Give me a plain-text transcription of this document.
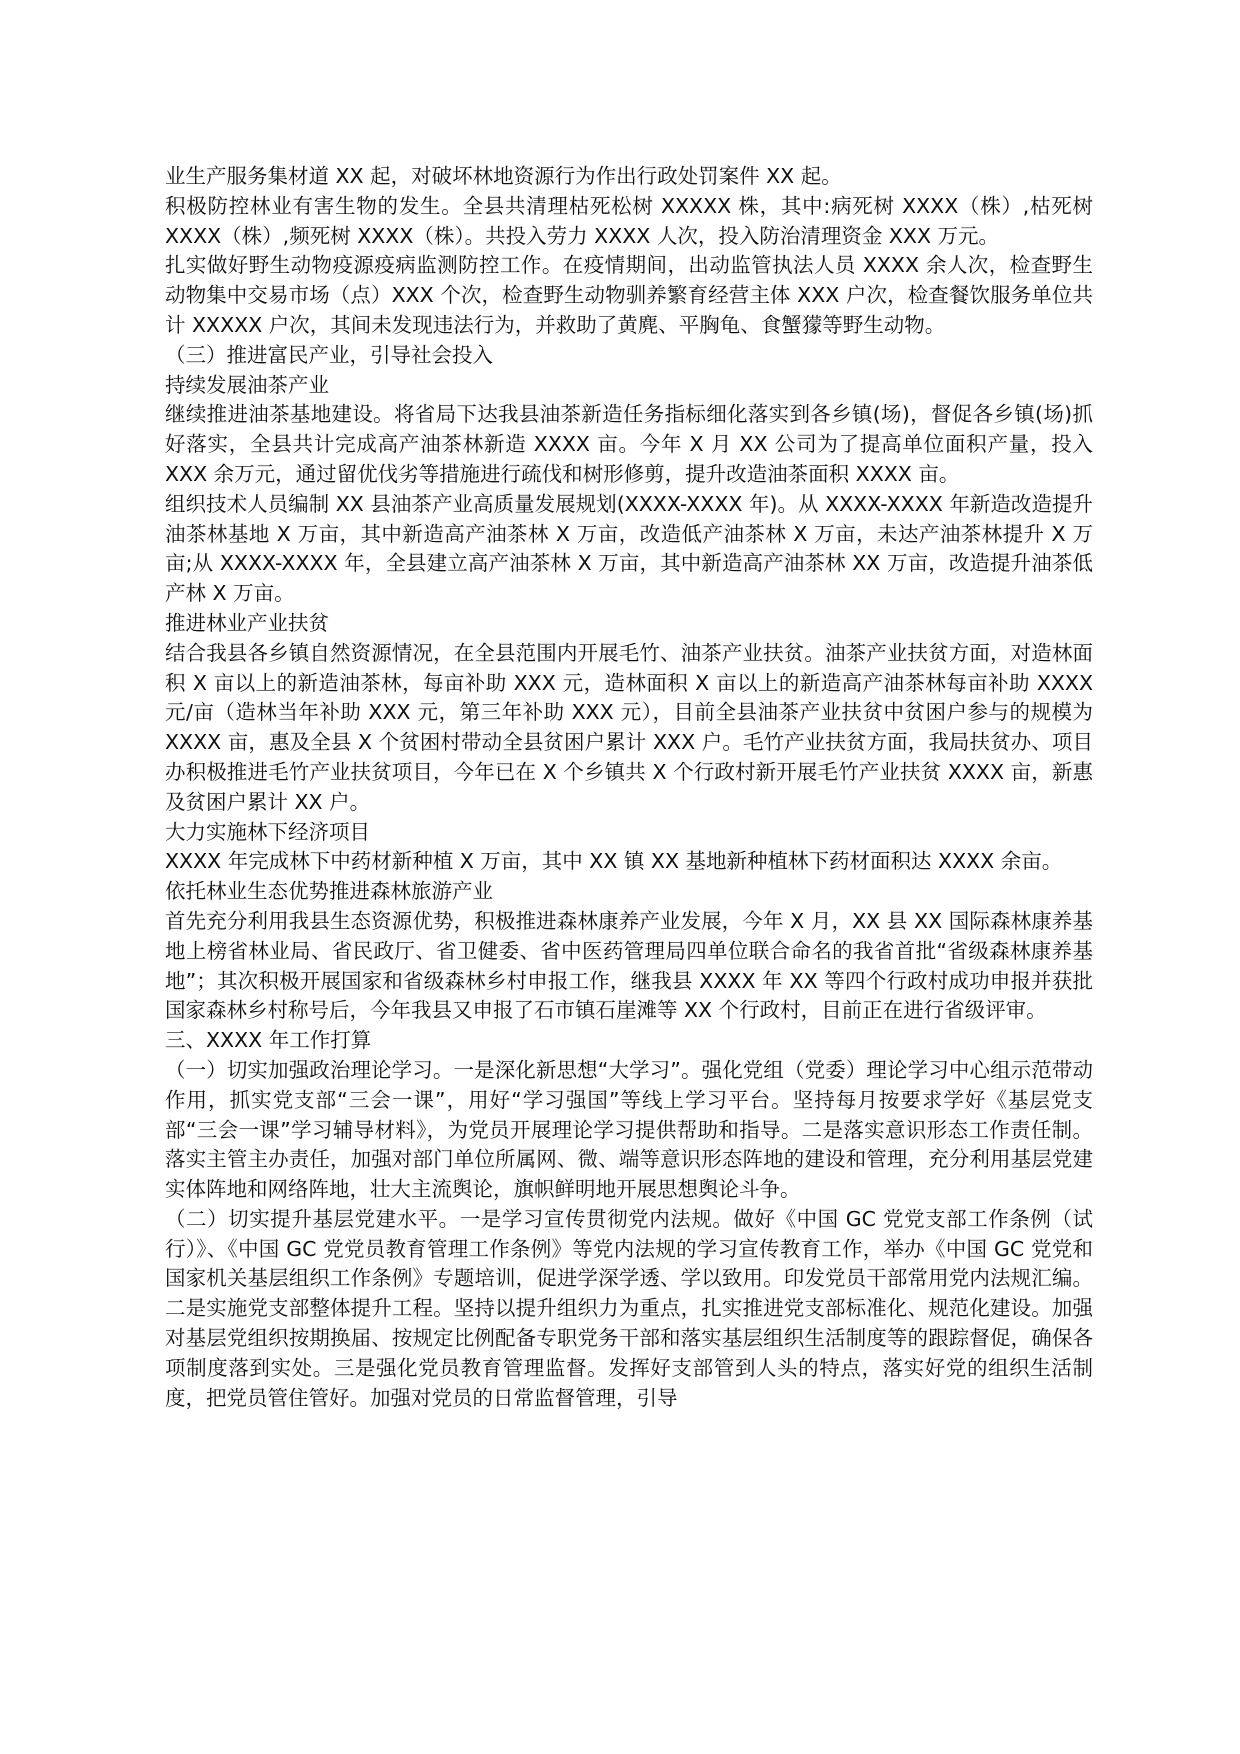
业生产服务集材道 XX 起，对破坏林地资源行为作出行政处罚案件 XX 起。

积极防控林业有害生物的发生。全县共清理枯死松树 XXXXX 株，其中:病死树 XXXX（株）,枯死树 XXXX（株）,频死树 XXXX（株）。共投入劳力 XXXX 人次，投入防治清理资金 XXX 万元。

扎实做好野生动物疫源疫病监测防控工作。在疫情期间，出动监管执法人员 XXXX 余人次，检查野生动物集中交易市场（点）XXX 个次，检查野生动物驯养繁育经营主体 XXX 户次，检查餐饮服务单位共计 XXXXX 户次，其间未发现违法行为，并救助了黄麂、平胸龟、食蟹獴等野生动物。

（三）推进富民产业，引导社会投入

持续发展油茶产业

继续推进油茶基地建设。将省局下达我县油茶新造任务指标细化落实到各乡镇(场)，督促各乡镇(场)抓好落实，全县共计完成高产油茶林新造 XXXX 亩。今年 X 月 XX 公司为了提高单位面积产量，投入 XXX 余万元，通过留优伐劣等措施进行疏伐和树形修剪，提升改造油茶面积 XXXX 亩。

组织技术人员编制 XX 县油茶产业高质量发展规划(XXXX-XXXX 年)。从 XXXX-XXXX 年新造改造提升油茶林基地 X 万亩，其中新造高产油茶林 X 万亩，改造低产油茶林 X 万亩，未达产油茶林提升 X 万亩;从 XXXX-XXXX 年，全县建立高产油茶林 X 万亩，其中新造高产油茶林 XX 万亩，改造提升油茶低产林 X 万亩。

推进林业产业扶贫

结合我县各乡镇自然资源情况，在全县范围内开展毛竹、油茶产业扶贫。油茶产业扶贫方面，对造林面积 X 亩以上的新造油茶林，每亩补助 XXX 元，造林面积 X 亩以上的新造高产油茶林每亩补助 XXXX 元/亩（造林当年补助 XXX 元，第三年补助 XXX 元），目前全县油茶产业扶贫中贫困户参与的规模为 XXXX 亩，惠及全县 X 个贫困村带动全县贫困户累计 XXX 户。毛竹产业扶贫方面，我局扶贫办、项目办积极推进毛竹产业扶贫项目，今年已在 X 个乡镇共 X 个行政村新开展毛竹产业扶贫 XXXX 亩，新惠及贫困户累计 XX 户。

大力实施林下经济项目

XXXX 年完成林下中药材新种植 X 万亩，其中 XX 镇 XX 基地新种植林下药材面积达 XXXX 余亩。

依托林业生态优势推进森林旅游产业

首先充分利用我县生态资源优势，积极推进森林康养产业发展，今年 X 月，XX 县 XX 国际森林康养基地上榜省林业局、省民政厅、省卫健委、省中医药管理局四单位联合命名的我省首批“省级森林康养基地”；其次积极开展国家和省级森林乡村申报工作，继我县 XXXX 年 XX 等四个行政村成功申报并获批国家森林乡村称号后，今年我县又申报了石市镇石崖滩等 XX 个行政村，目前正在进行省级评审。

三、XXXX 年工作打算

（一）切实加强政治理论学习。一是深化新思想“大学习”。强化党组（党委）理论学习中心组示范带动作用，抓实党支部“三会一课”，用好“学习强国”等线上学习平台。坚持每月按要求学好《基层党支部“三会一课”学习辅导材料》，为党员开展理论学习提供帮助和指导。二是落实意识形态工作责任制。落实主管主办责任，加强对部门单位所属网、微、端等意识形态阵地的建设和管理，充分利用基层党建实体阵地和网络阵地，壮大主流舆论，旗帜鲜明地开展思想舆论斗争。

（二）切实提升基层党建水平。一是学习宣传贯彻党内法规。做好《中国 GC 党党支部工作条例（试行）》、《中国 GC 党党员教育管理工作条例》等党内法规的学习宣传教育工作，举办《中国 GC 党党和国家机关基层组织工作条例》专题培训，促进学深学透、学以致用。印发党员干部常用党内法规汇编。二是实施党支部整体提升工程。坚持以提升组织力为重点，扎实推进党支部标准化、规范化建设。加强对基层党组织按期换届、按规定比例配备专职党务干部和落实基层组织生活制度等的跟踪督促，确保各项制度落到实处。三是强化党员教育管理监督。发挥好支部管到人头的特点，落实好党的组织生活制度，把党员管住管好。加强对党员的日常监督管理，引导
